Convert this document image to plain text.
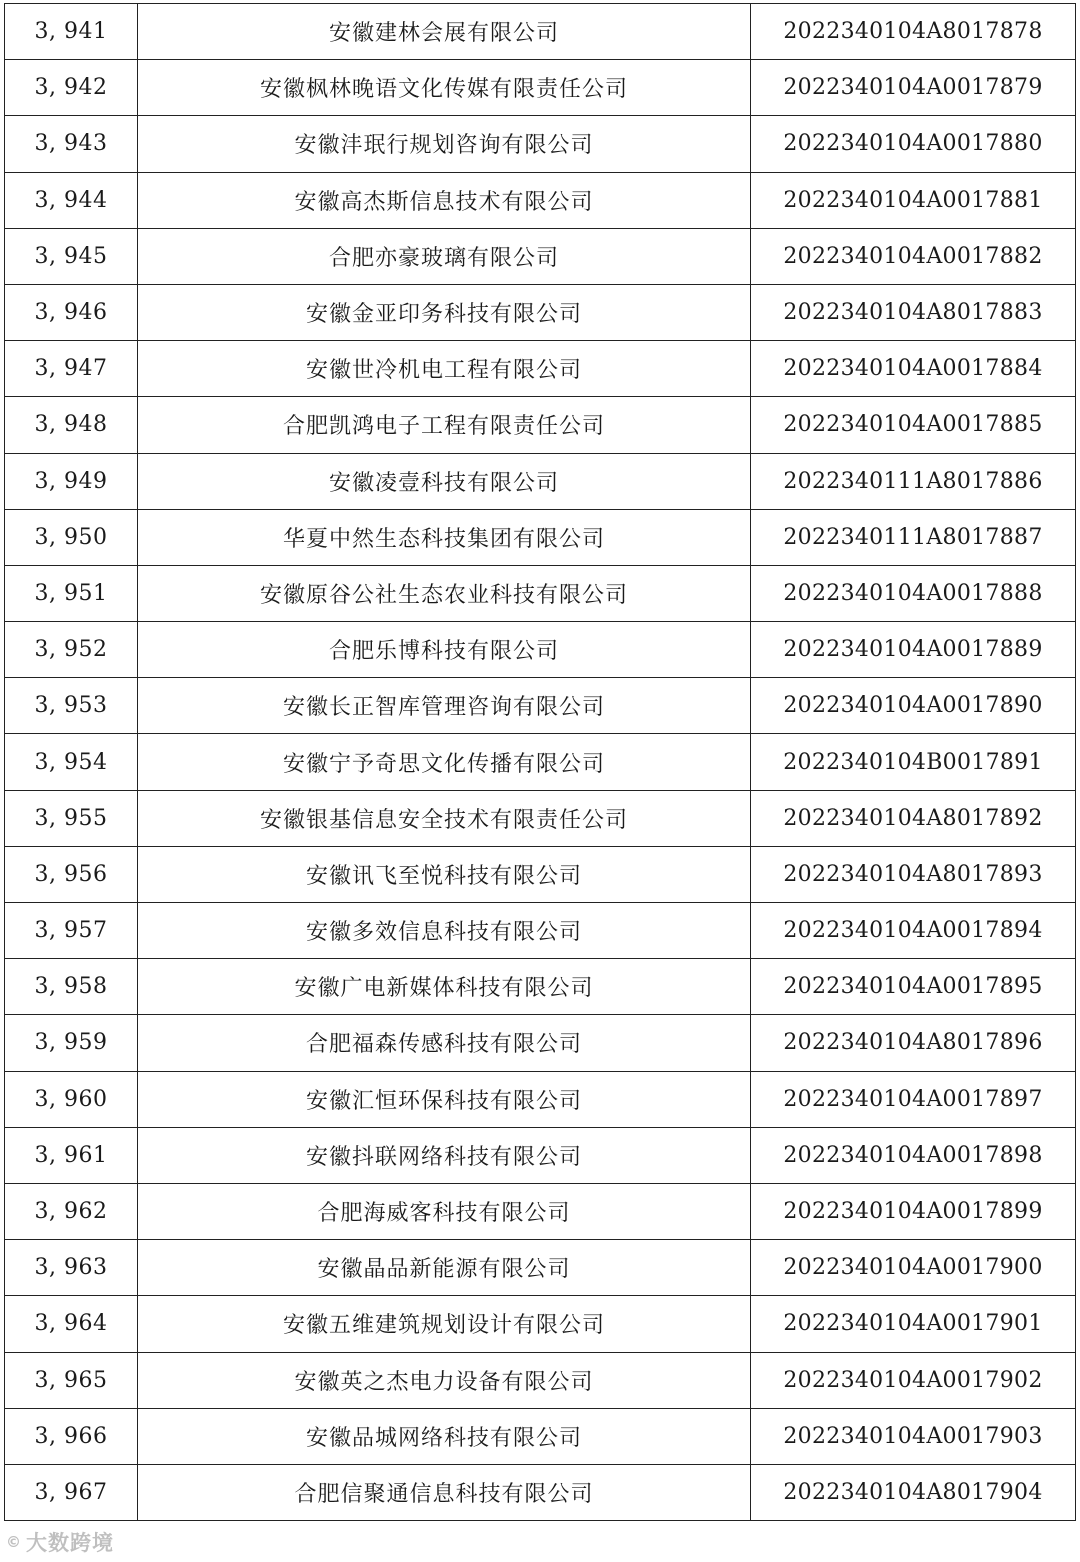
3, 941	安徽建林会展有限公司	2022340104A8017878
3, 942	安徽枫林晚语文化传媒有限责任公司	2022340104A0017879
3, 943	安徽沣珉行规划咨询有限公司	2022340104A0017880
3, 944	安徽高杰斯信息技术有限公司	2022340104A0017881
3, 945	合肥亦豪玻璃有限公司	2022340104A0017882
3, 946	安徽金亚印务科技有限公司	2022340104A8017883
3, 947	安徽世冷机电工程有限公司	2022340104A0017884
3, 948	合肥凯鸿电子工程有限责任公司	2022340104A0017885
3, 949	安徽凌壹科技有限公司	2022340111A8017886
3, 950	华夏中然生态科技集团有限公司	2022340111A8017887
3, 951	安徽原谷公社生态农业科技有限公司	2022340104A0017888
3, 952	合肥乐博科技有限公司	2022340104A0017889
3, 953	安徽长正智库管理咨询有限公司	2022340104A0017890
3, 954	安徽宁予奇思文化传播有限公司	2022340104B0017891
3, 955	安徽银基信息安全技术有限责任公司	2022340104A8017892
3, 956	安徽讯飞至悦科技有限公司	2022340104A8017893
3, 957	安徽多效信息科技有限公司	2022340104A0017894
3, 958	安徽广电新媒体科技有限公司	2022340104A0017895
3, 959	合肥福森传感科技有限公司	2022340104A8017896
3, 960	安徽汇恒环保科技有限公司	2022340104A0017897
3, 961	安徽抖联网络科技有限公司	2022340104A0017898
3, 962	合肥海威客科技有限公司	2022340104A0017899
3, 963	安徽晶品新能源有限公司	2022340104A0017900
3, 964	安徽五维建筑规划设计有限公司	2022340104A0017901
3, 965	安徽英之杰电力设备有限公司	2022340104A0017902
3, 966	安徽品城网络科技有限公司	2022340104A0017903
3, 967	合肥信聚通信息科技有限公司	2022340104A8017904
© 大数跨境
